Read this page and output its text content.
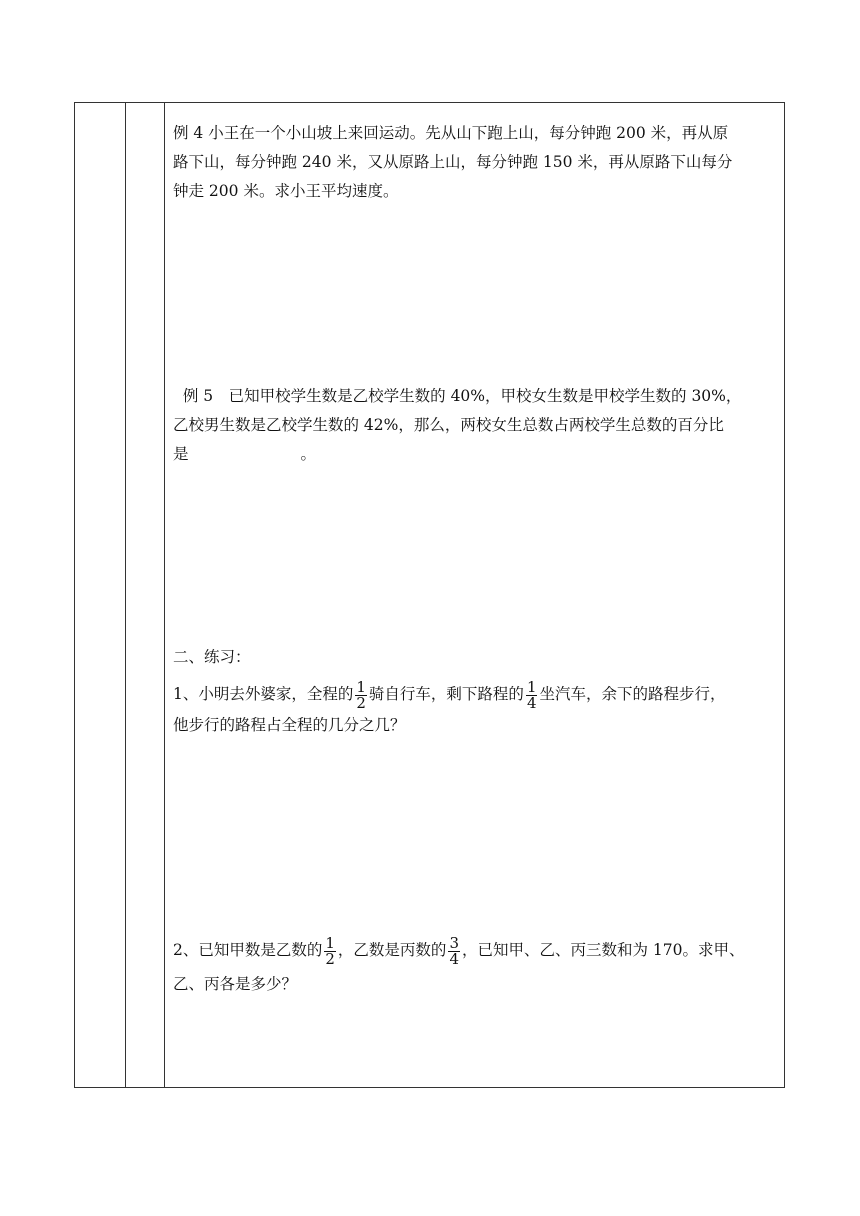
例 4 小王在一个小山坡上来回运动。先从山下跑上山，每分钟跑 200 米，再从原
路下山，每分钟跑 240 米，又从原路上山，每分钟跑 150 米，再从原路下山每分
钟走 200 米。求小王平均速度。
例 5　已知甲校学生数是乙校学生数的 40%，甲校女生数是甲校学生数的 30%，
乙校男生数是乙校学生数的 42%，那么，两校女生总数占两校学生总数的百分比
是	。
二、练习：
1、小明去外婆家，全程的 $\frac{1}{2}$ 骑自行车，剩下路程的 $\frac{1}{4}$ 坐汽车，余下的路程步行，
他步行的路程占全程的几分之几？
2、已知甲数是乙数的 $\frac{1}{2}$ ，乙数是丙数的 $\frac{3}{4}$ ，已知甲、乙、丙三数和为 170。求甲、
乙、丙各是多少？
